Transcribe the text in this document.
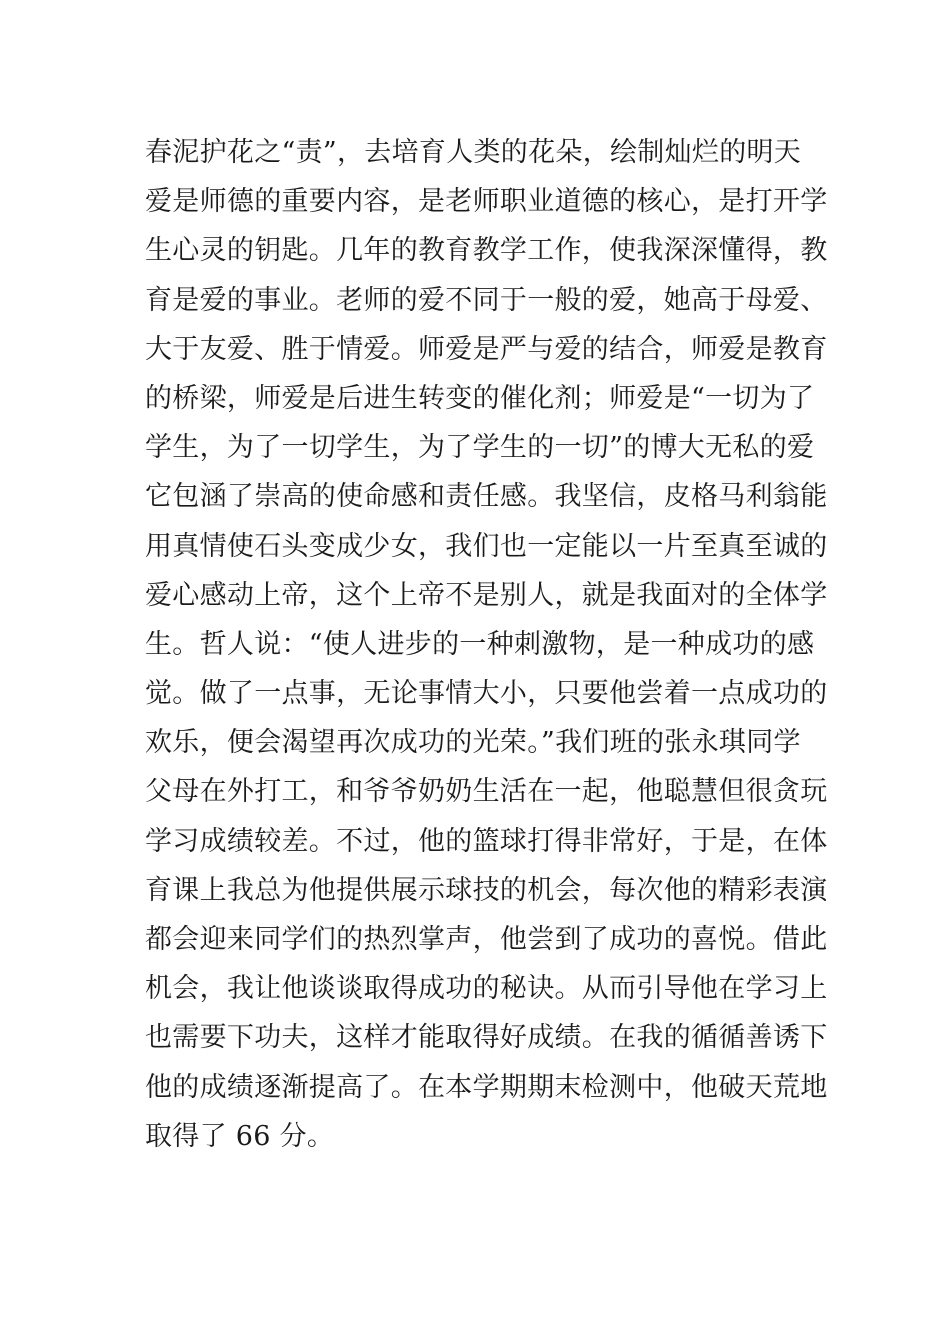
春泥护花之“责”，去培育人类的花朵，绘制灿烂的明天
爱是师德的重要内容，是老师职业道德的核心，是打开学
生心灵的钥匙。几年的教育教学工作，使我深深懂得，教
育是爱的事业。老师的爱不同于一般的爱，她高于母爱、
大于友爱、胜于情爱。师爱是严与爱的结合，师爱是教育
的桥梁，师爱是后进生转变的催化剂；师爱是“一切为了
学生，为了一切学生，为了学生的一切”的博大无私的爱
它包涵了崇高的使命感和责任感。我坚信，皮格马利翁能
用真情使石头变成少女，我们也一定能以一片至真至诚的
爱心感动上帝，这个上帝不是别人，就是我面对的全体学
生。哲人说：“使人进步的一种刺激物，是一种成功的感
觉。做了一点事，无论事情大小，只要他尝着一点成功的
欢乐，便会渴望再次成功的光荣。”我们班的张永琪同学
父母在外打工，和爷爷奶奶生活在一起，他聪慧但很贪玩
学习成绩较差。不过，他的篮球打得非常好，于是，在体
育课上我总为他提供展示球技的机会，每次他的精彩表演
都会迎来同学们的热烈掌声，他尝到了成功的喜悦。借此
机会，我让他谈谈取得成功的秘诀。从而引导他在学习上
也需要下功夫，这样才能取得好成绩。在我的循循善诱下
他的成绩逐渐提高了。在本学期期末检测中，他破天荒地
取得了 66 分。
